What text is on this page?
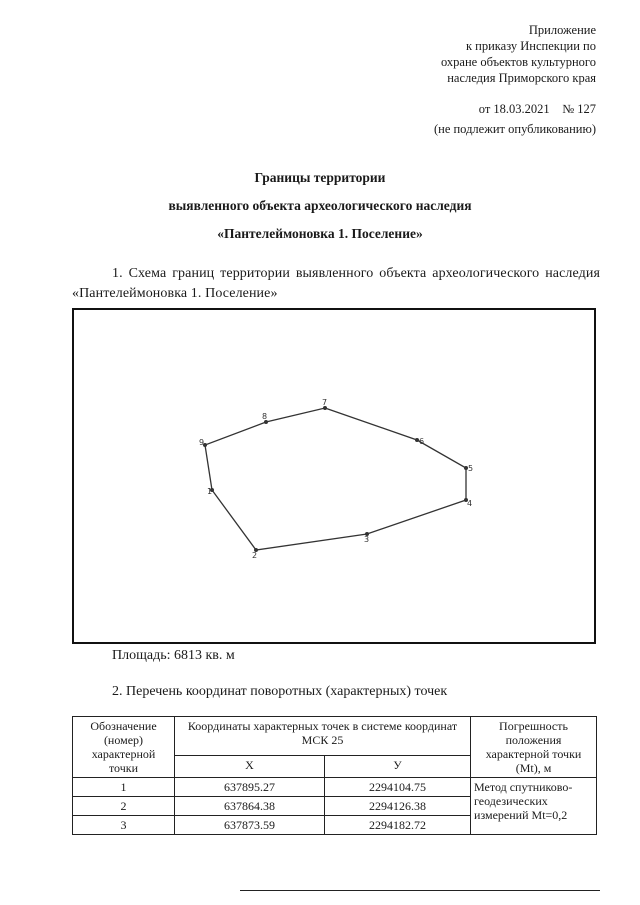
Приложение
к приказу Инспекции по
охране объектов культурного
наследия Приморского края
от 18.03.2021 № 127
(не подлежит опубликованию)
Границы территории
выявленного объекта археологического наследия
«Пантелеймоновка 1. Поселение»
1. Схема границ территории выявленного объекта археологического наследия «Пантелеймоновка 1. Поселение»
7
6
5
4
3
2
1
9
8
Площадь: 6813 кв. м
2. Перечень координат поворотных (характерных) точек
Обозначение (номер) характерной точки	Координаты характерных точек в системе координат МСК 25		Погрешность положения характерной точки (Mt), м
	Х	У	
1	637895.27	2294104.75	Метод спутниково-геодезических измерений Mt=0,2
2	637864.38	2294126.38	
3	637873.59	2294182.72	
